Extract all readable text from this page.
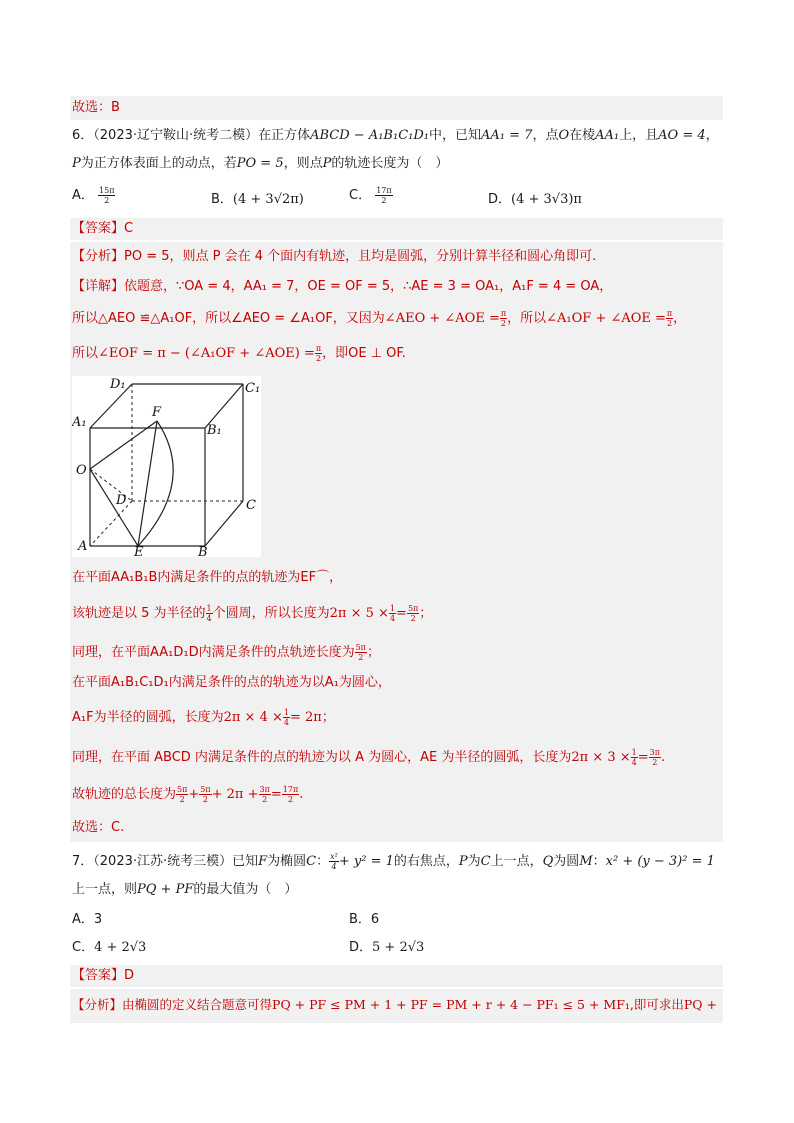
故选：B
6．（2023·辽宁鞍山·统考二模）在正方体ABCD − A₁B₁C₁D₁中，已知AA₁ = 7，点O在棱AA₁上，且AO = 4，
P为正方体表面上的动点，若PO = 5，则点P的轨迹长度为（　）
A． $\frac{15\pi}{2}$	B．(4 + 3√2π)	C． $\frac{17\pi}{2}$	D．(4 + 3√3)π
【答案】C
【分析】PO = 5，则点 P 会在 4 个面内有轨迹，且均是圆弧，分别计算半径和圆心角即可.
【详解】依题意，∵OA = 4，AA₁ = 7，OE = OF = 5，∴AE = 3 = OA₁，A₁F = 4 = OA，
所以△AEO ≌△A₁OF，所以∠AEO = ∠A₁OF，又因为∠AEO + ∠AOE = $\frac{\pi}{2}$ ，所以∠A₁OF + ∠AOE = $\frac{\pi}{2}$ ，
所以∠EOF = π − (∠A₁OF + ∠AOE) = $\frac{\pi}{2}$ ，即OE ⊥ OF.
D₁	C₁
A₁
B₁
F
O
D	C
A	E	B
在平面AA₁B₁B内满足条件的点的轨迹为EF⌒，
该轨迹是以 5 为半径的 $\frac{1}{4}$ 个圆周，所以长度为$2\pi \times 5 \times \frac{1}{4} = \frac{5\pi}{2}$ ；
同理，在平面AA₁D₁D内满足条件的点轨迹长度为 $\frac{5\pi}{2}$ ；
在平面A₁B₁C₁D₁内满足条件的点的轨迹为以A₁为圆心，
A₁F为半径的圆弧，长度为$2\pi \times 4 \times \frac{1}{4} = 2\pi$；
同理，在平面 ABCD 内满足条件的点的轨迹为以 A 为圆心，AE 为半径的圆弧，长度为$2\pi \times 3 \times \frac{1}{4} = \frac{3\pi}{2}$ .
故轨迹的总长度为 $\frac{5\pi}{2} + \frac{5\pi}{2} + 2\pi + \frac{3\pi}{2} = \frac{17\pi}{2}$ .
故选：C.
7．（2023·江苏·统考三模）已知F为椭圆C： $\frac{\text{x²}}{4} + y^2 = 1$的右焦点，P为C上一点，Q为圆M：x² + (y − 3)² = 1
上一点，则PQ + PF的最大值为（　）
A．3	B．6
C．4 + 2√3	D．5 + 2√3
【答案】D
【分析】由椭圆的定义结合题意可得PQ + PF ≤ PM + 1 + PF = PM + r + 4 − PF₁ ≤ 5 + MF₁,即可求出PQ +
